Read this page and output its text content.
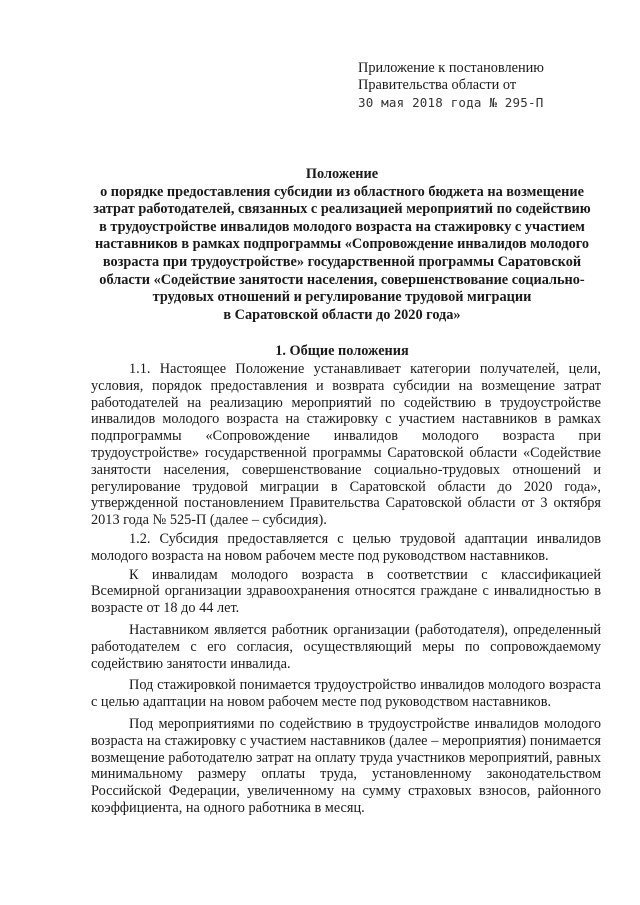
Приложение к постановлению
Правительства области от
30 мая 2018 года № 295-П
Положение
о порядке предоставления субсидии из областного бюджета на возмещение
затрат работодателей, связанных с реализацией мероприятий по содействию
в трудоустройстве инвалидов молодого возраста на стажировку с участием
наставников в рамках подпрограммы «Сопровождение инвалидов молодого
возраста при трудоустройстве» государственной программы Саратовской
области «Содействие занятости населения, совершенствование социально-
трудовых отношений и регулирование трудовой миграции
в Саратовской области до 2020 года»
1. Общие положения

1.1. Настоящее Положение устанавливает категории получателей, цели, условия, порядок предоставления и возврата субсидии на возмещение затрат работодателей на реализацию мероприятий по содействию в трудоустройстве инвалидов молодого возраста на стажировку с участием наставников в рамках подпрограммы «Сопровождение инвалидов молодого возраста при трудоустройстве» государственной программы Саратовской области «Содействие занятости населения, совершенствование социально-трудовых отношений и регулирование трудовой миграции в Саратовской области до 2020 года», утвержденной постановлением Правительства Саратовской области от 3 октября 2013 года № 525-П (далее – субсидия).

1.2. Субсидия предоставляется с целью трудовой адаптации инвалидов молодого возраста на новом рабочем месте под руководством наставников.

К инвалидам молодого возраста в соответствии с классификацией Всемирной организации здравоохранения относятся граждане с инвалидностью в возрасте от 18 до 44 лет.

Наставником является работник организации (работодателя), определенный работодателем с его согласия, осуществляющий меры по сопровождаемому содействию занятости инвалида.

Под стажировкой понимается трудоустройство инвалидов молодого возраста с целью адаптации на новом рабочем месте под руководством наставников.

Под мероприятиями по содействию в трудоустройстве инвалидов молодого возраста на стажировку с участием наставников (далее – мероприятия) понимается возмещение работодателю затрат на оплату труда участников мероприятий, равных минимальному размеру оплаты труда, установленному законодательством Российской Федерации, увеличенному на сумму страховых взносов, районного коэффициента, на одного работника в месяц.
